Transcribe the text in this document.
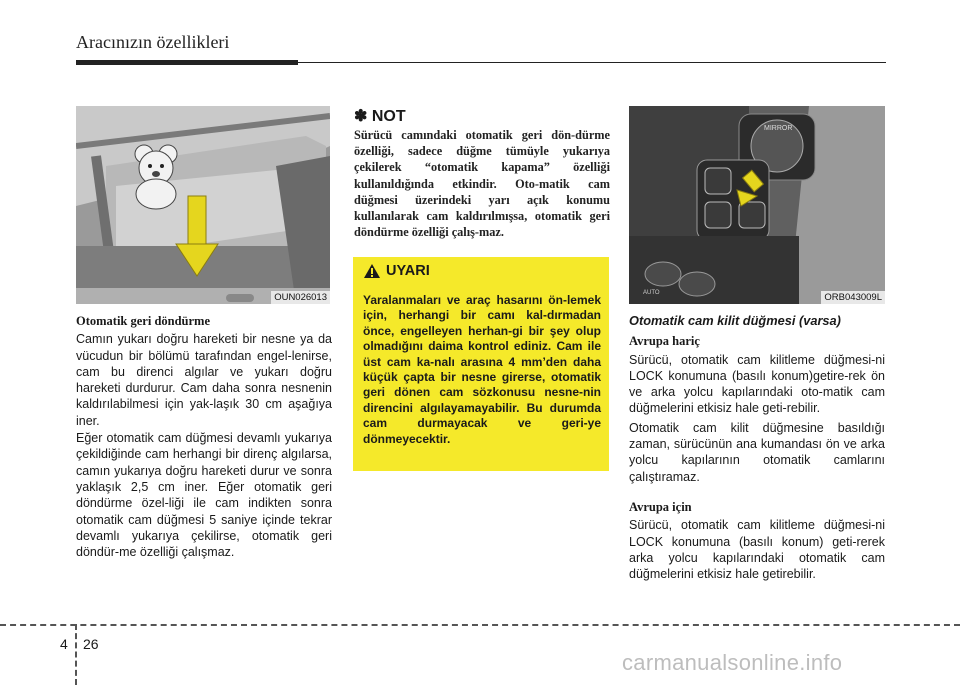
Aracınızın özellikleri
OUN026013
Otomatik geri döndürme

Camın yukarı doğru hareketi bir nesne ya da vücudun bir bölümü tarafından engel-lenirse, cam bu direnci algılar ve yukarı doğru hareketi durdurur. Cam daha sonra nesnenin kaldırılabilmesi için yak-laşık 30 cm aşağıya iner.

Eğer otomatik cam düğmesi devamlı yukarıya çekildiğinde cam herhangi bir direnç algılarsa, camın yukarıya doğru hareketi durur ve sonra yaklaşık 2,5 cm iner. Eğer otomatik geri döndürme özel-liği ile cam indikten sonra otomatik cam düğmesi 5 saniye içinde tekrar devamlı yukarıya çekilirse, otomatik geri döndür-me özelliği çalışmaz.

✽ NOT
Sürücü camındaki otomatik geri dön-dürme özelliği, sadece düğme tümüyle yukarıya çekilerek “otomatik kapama” özelliği kullanıldığında etkindir. Oto-matik cam düğmesi üzerindeki yarı açık konumu kullanılarak cam kaldırılmışsa, otomatik geri döndürme özelliği çalış-maz.
UYARI
Yaralanmaları ve araç hasarını ön-lemek için, herhangi bir camı kal-dırmadan önce, engelleyen herhan-gi bir şey olup olmadığını daima kontrol ediniz. Cam ile üst cam ka-nalı arasına 4 mm’den daha küçük çapta bir nesne girerse, otomatik geri dönen cam sözkonusu nesne-nin direncini algılayamayabilir. Bu durumda cam durmayacak ve geri-ye dönmeyecektir.
MIRROR
AUTO	ORB043009L
Otomatik cam kilit düğmesi (varsa)
Avrupa hariç

Sürücü, otomatik cam kilitleme düğmesi-ni LOCK konumuna (basılı konum)getire-rek ön ve arka yolcu kapılarındaki oto-matik cam düğmelerini etkisiz hale geti-rebilir.

Otomatik cam kilit düğmesine basıldığı zaman, sürücünün ana kumandası ön ve arka yolcu kapılarının otomatik camlarını çalıştıramaz.

Avrupa için

Sürücü, otomatik cam kilitleme düğmesi-ni LOCK konumuna (basılı konum) geti-rerek arka yolcu kapılarındaki otomatik cam düğmelerini etkisiz hale getirebilir.

4 26
carmanualsonline.info
